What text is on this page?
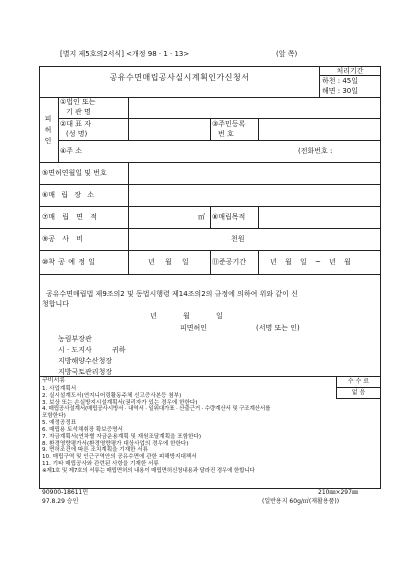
[별지 제5호의2서식] <개정 98 · 1 · 13>	(앞 쪽)
공유수면매립공사실시계획인가신청서
처리기간
하천 : 45일
해면 : 30일
피 허 인
①법인 또는
기 관 명
②대 표 자
(성 명)
③주민등록
번 호
④주 소	(전화번호 :
⑤면허연월일 및 번호
⑥매 립 장 소
⑦매 립 면 적	㎡ ⑧매립목적
⑨공 사 비	천원
⑩착 공 예 정 일	년 월 일	⑪준공기간	년 월 일 ~ 년 월
공유수면매립법 제9조의2 및 동법시행령 제14조의2의 규정에 의하여 위와 같이 신
청합니다
년 월 일
피면허인	(서명 또는 인)
농림부장관
시 · 도지사	귀하
지방해양수산청장
지방국토관리청장
구비서류	수 수 료
없 음
1. 사업계획서
2. 실시설계도서(연지니어링활동주체 신고증사본등 첨부)
3. 보상 또는 손실방지시설계획서(권리자가 있는 경우에 한한다)
4. 매립공사설계서(매립공사시방서 · 내역서 · 일위대가표 · 산출근거 · 수량계산서 및 구조계산서를
포함한다)
5. 예정공정표
6. 매립용 토석채취장 확보증명서
7. 자금계획서(연차별 자금운용계획 및 재원조달계획을 포함한다)
8. 환경영향평가서(환경영향평가 대상사업의 경우에 한한다)
9. 면허조건에 따른 조치계획을 기재한 서류
10. 매립구역 및 인근구역안의 공유수면에 관한 피해방지대책서
11. 기타 매립공사와 관련된 사항을 기재한 서류
※제1호 및 제7호의 서류는 매립면허의 내용이 매립면허신청내용과 달라진 경우에 한합니다
90900-18611민
97.8.29 승인
210㎜×297㎜
(일반용지 60g/㎡(재활용품))
